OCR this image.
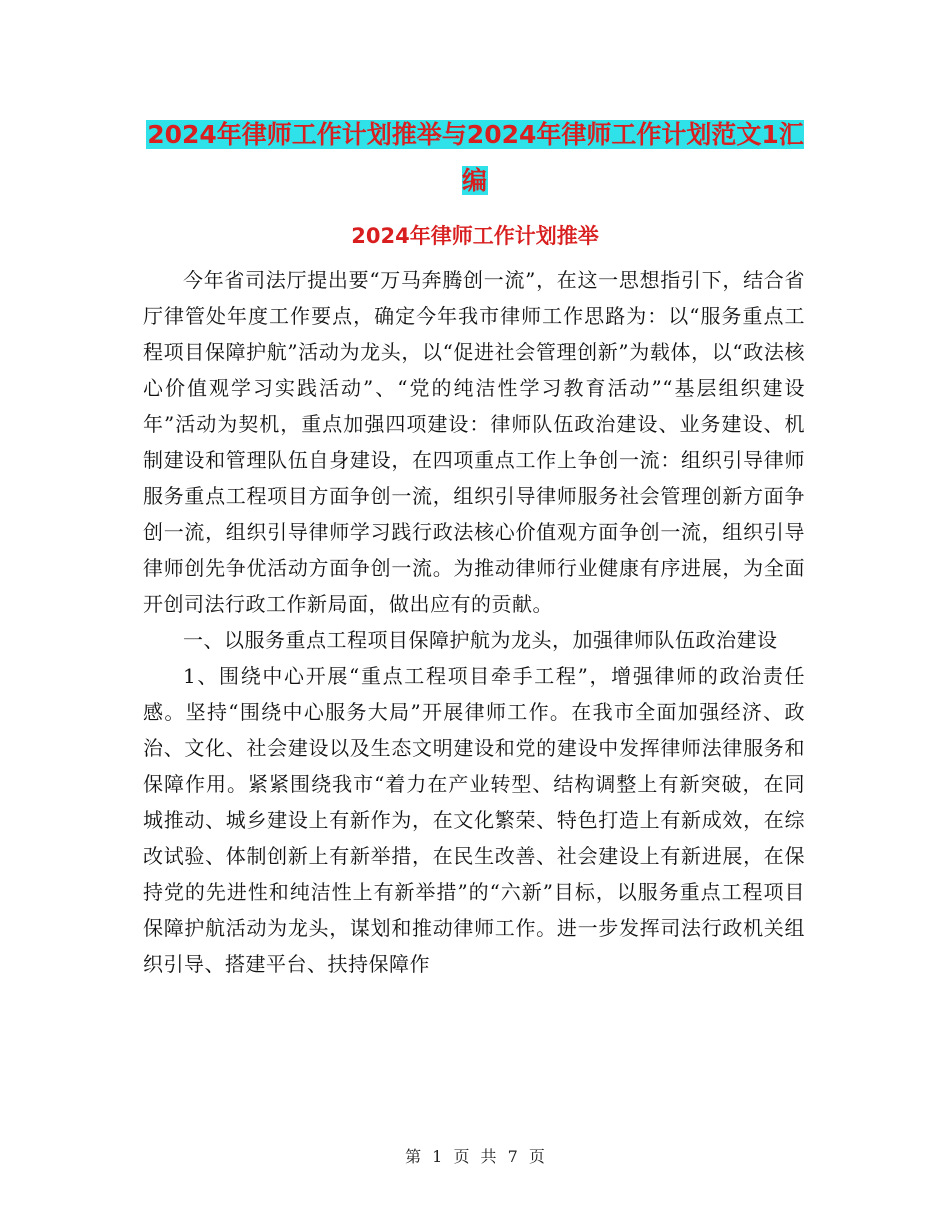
2024年律师工作计划推举与2024年律师工作计划范文1汇编
2024年律师工作计划推举

今年省司法厅提出要“万马奔腾创一流”，在这一思想指引下，结合省厅律管处年度工作要点，确定今年我市律师工作思路为：以“服务重点工程项目保障护航”活动为龙头，以“促进社会管理创新”为载体，以“政法核心价值观学习实践活动”、“党的纯洁性学习教育活动”“基层组织建设年”活动为契机，重点加强四项建设：律师队伍政治建设、业务建设、机制建设和管理队伍自身建设，在四项重点工作上争创一流：组织引导律师服务重点工程项目方面争创一流，组织引导律师服务社会管理创新方面争创一流，组织引导律师学习践行政法核心价值观方面争创一流，组织引导律师创先争优活动方面争创一流。为推动律师行业健康有序进展，为全面开创司法行政工作新局面，做出应有的贡献。

一、以服务重点工程项目保障护航为龙头，加强律师队伍政治建设

1、围绕中心开展“重点工程项目牵手工程”，增强律师的政治责任感。坚持“围绕中心服务大局”开展律师工作。在我市全面加强经济、政治、文化、社会建设以及生态文明建设和党的建设中发挥律师法律服务和保障作用。紧紧围绕我市“着力在产业转型、结构调整上有新突破，在同城推动、城乡建设上有新作为，在文化繁荣、特色打造上有新成效，在综改试验、体制创新上有新举措，在民生改善、社会建设上有新进展，在保持党的先进性和纯洁性上有新举措”的“六新”目标，以服务重点工程项目保障护航活动为龙头，谋划和推动律师工作。进一步发挥司法行政机关组织引导、搭建平台、扶持保障作

第 1 页 共 7 页
